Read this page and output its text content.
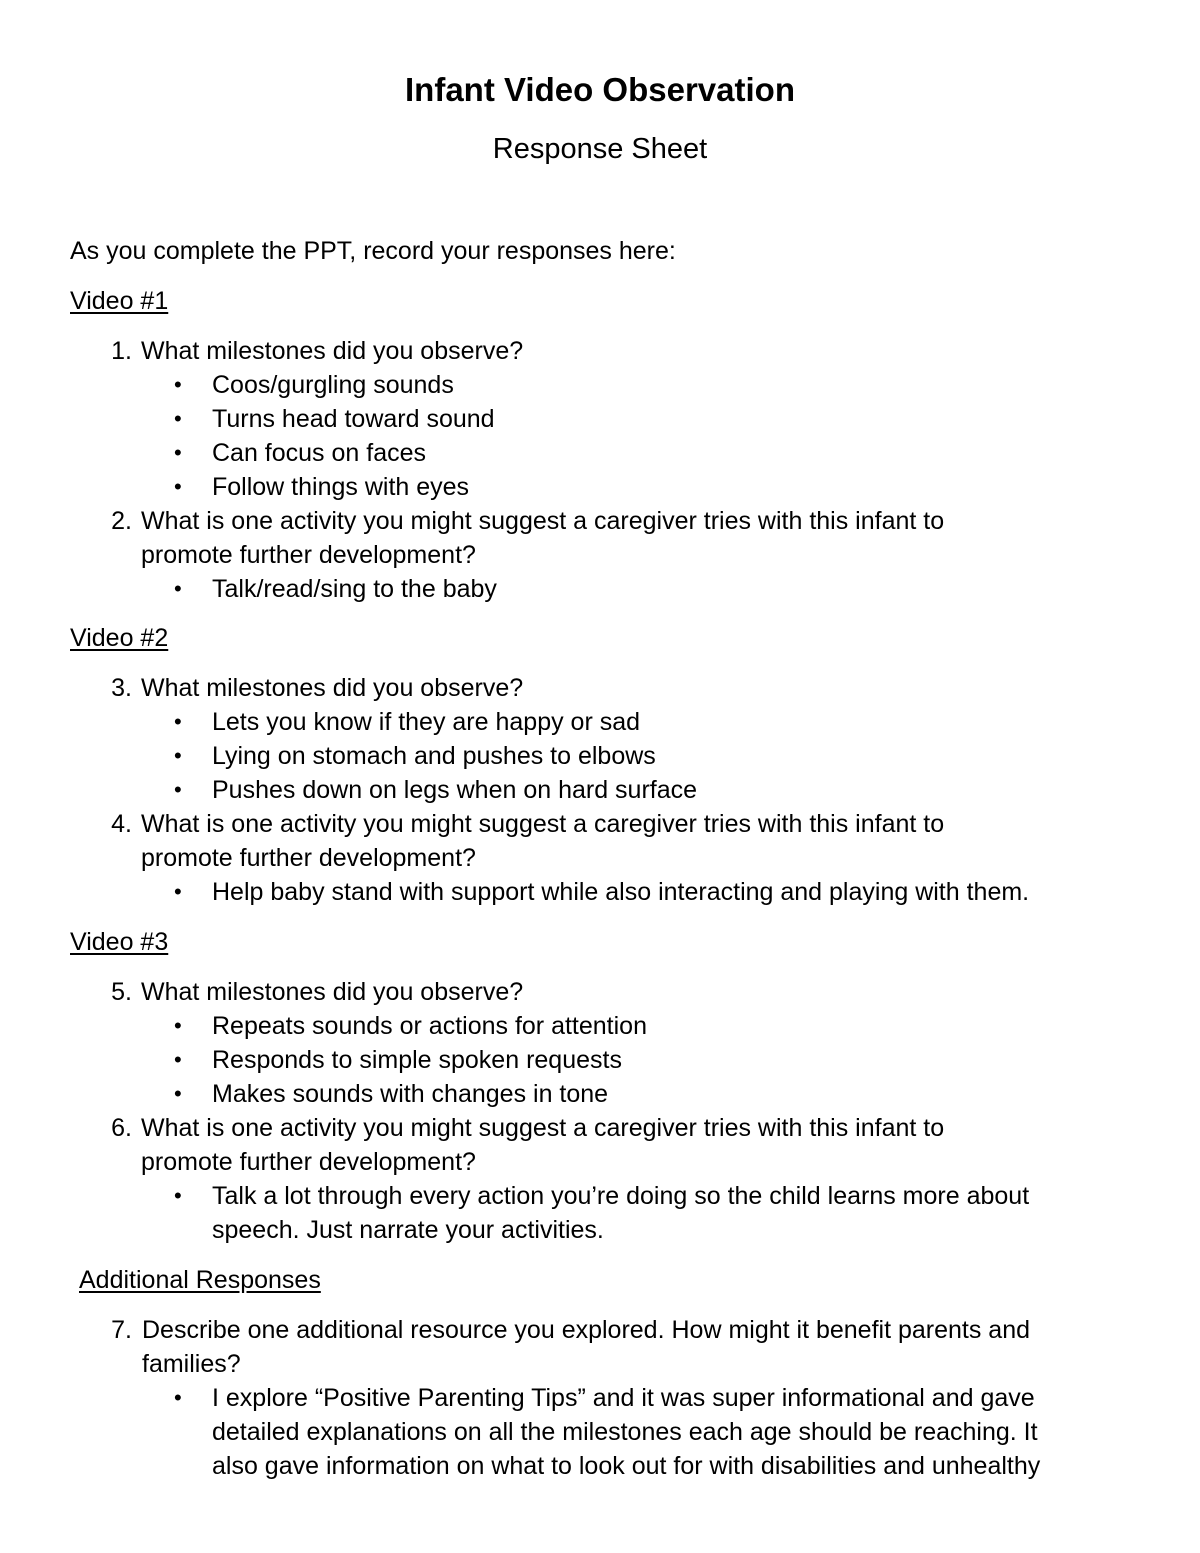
Infant Video Observation
Response Sheet
As you complete the PPT, record your responses here:
Video #1
1. What milestones did you observe?
• Coos/gurgling sounds
• Turns head toward sound
• Can focus on faces
• Follow things with eyes
2. What is one activity you might suggest a caregiver tries with this infant to
promote further development?
• Talk/read/sing to the baby
Video #2
3. What milestones did you observe?
• Lets you know if they are happy or sad
• Lying on stomach and pushes to elbows
• Pushes down on legs when on hard surface
4. What is one activity you might suggest a caregiver tries with this infant to
promote further development?
• Help baby stand with support while also interacting and playing with them.
Video #3
5. What milestones did you observe?
• Repeats sounds or actions for attention
• Responds to simple spoken requests
• Makes sounds with changes in tone
6. What is one activity you might suggest a caregiver tries with this infant to
promote further development?
• Talk a lot through every action you’re doing so the child learns more about
speech. Just narrate your activities.
Additional Responses
7. Describe one additional resource you explored. How might it benefit parents and
families?
• I explore “Positive Parenting Tips” and it was super informational and gave
detailed explanations on all the milestones each age should be reaching. It
also gave information on what to look out for with disabilities and unhealthy
